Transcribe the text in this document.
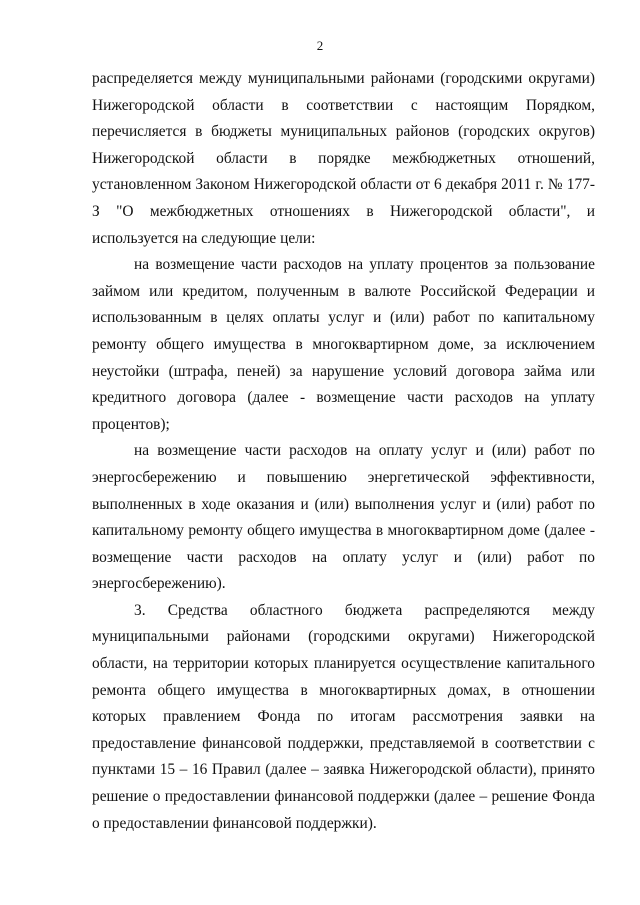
2

распределяется между муниципальными районами (городскими округами) Нижегородской области в соответствии с настоящим Порядком, перечисляется в бюджеты муниципальных районов (городских округов) Нижегородской области в порядке межбюджетных отношений, установленном Законом Нижегородской области от 6 декабря 2011 г. № 177-З "О межбюджетных отношениях в Нижегородской области", и используется на следующие цели:

на возмещение части расходов на уплату процентов за пользование займом или кредитом, полученным в валюте Российской Федерации и использованным в целях оплаты услуг и (или) работ по капитальному ремонту общего имущества в многоквартирном доме, за исключением неустойки (штрафа, пеней) за нарушение условий договора займа или кредитного договора (далее - возмещение части расходов на уплату процентов);

на возмещение части расходов на оплату услуг и (или) работ по энергосбережению и повышению энергетической эффективности, выполненных в ходе оказания и (или) выполнения услуг и (или) работ по капитальному ремонту общего имущества в многоквартирном доме (далее - возмещение части расходов на оплату услуг и (или) работ по энергосбережению).

3. Средства областного бюджета распределяются между муниципальными районами (городскими округами) Нижегородской области, на территории которых планируется осуществление капитального ремонта общего имущества в многоквартирных домах, в отношении которых правлением Фонда по итогам рассмотрения заявки на предоставление финансовой поддержки, представляемой в соответствии с пунктами 15 – 16 Правил (далее – заявка Нижегородской области), принято решение о предоставлении финансовой поддержки (далее – решение Фонда о предоставлении финансовой поддержки).
